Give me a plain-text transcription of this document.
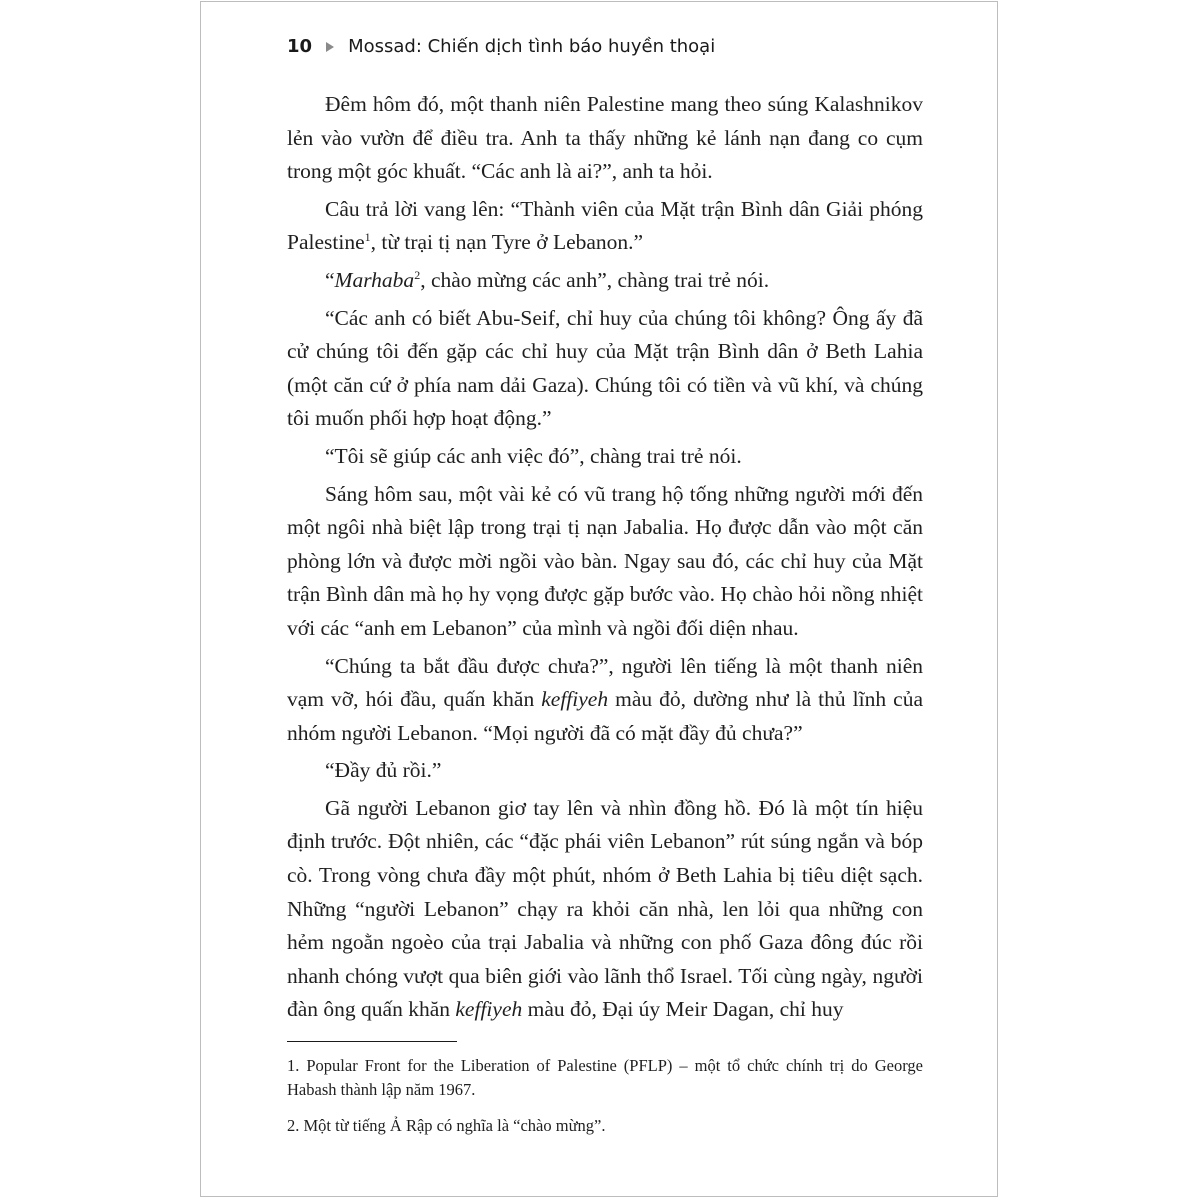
10 Mossad: Chiến dịch tình báo huyền thoại

Đêm hôm đó, một thanh niên Palestine mang theo súng Kalashnikov lẻn vào vườn để điều tra. Anh ta thấy những kẻ lánh nạn đang co cụm trong một góc khuất. “Các anh là ai?”, anh ta hỏi.

Câu trả lời vang lên: “Thành viên của Mặt trận Bình dân Giải phóng Palestine$^1$, từ trại tị nạn Tyre ở Lebanon.”

“Marhaba$^2$, chào mừng các anh”, chàng trai trẻ nói.

“Các anh có biết Abu-Seif, chỉ huy của chúng tôi không? Ông ấy đã cử chúng tôi đến gặp các chỉ huy của Mặt trận Bình dân ở Beth Lahia (một căn cứ ở phía nam dải Gaza). Chúng tôi có tiền và vũ khí, và chúng tôi muốn phối hợp hoạt động.”

“Tôi sẽ giúp các anh việc đó”, chàng trai trẻ nói.

Sáng hôm sau, một vài kẻ có vũ trang hộ tống những người mới đến một ngôi nhà biệt lập trong trại tị nạn Jabalia. Họ được dẫn vào một căn phòng lớn và được mời ngồi vào bàn. Ngay sau đó, các chỉ huy của Mặt trận Bình dân mà họ hy vọng được gặp bước vào. Họ chào hỏi nồng nhiệt với các “anh em Lebanon” của mình và ngồi đối diện nhau.

“Chúng ta bắt đầu được chưa?”, người lên tiếng là một thanh niên vạm vỡ, hói đầu, quấn khăn keffiyeh màu đỏ, dường như là thủ lĩnh của nhóm người Lebanon. “Mọi người đã có mặt đầy đủ chưa?”

“Đầy đủ rồi.”

Gã người Lebanon giơ tay lên và nhìn đồng hồ. Đó là một tín hiệu định trước. Đột nhiên, các “đặc phái viên Lebanon” rút súng ngắn và bóp cò. Trong vòng chưa đầy một phút, nhóm ở Beth Lahia bị tiêu diệt sạch. Những “người Lebanon” chạy ra khỏi căn nhà, len lỏi qua những con hẻm ngoằn ngoèo của trại Jabalia và những con phố Gaza đông đúc rồi nhanh chóng vượt qua biên giới vào lãnh thổ Israel. Tối cùng ngày, người đàn ông quấn khăn keffiyeh màu đỏ, Đại úy Meir Dagan, chỉ huy

1. Popular Front for the Liberation of Palestine (PFLP) – một tổ chức chính trị do George Habash thành lập năm 1967.

2. Một từ tiếng Ả Rập có nghĩa là “chào mừng”.
